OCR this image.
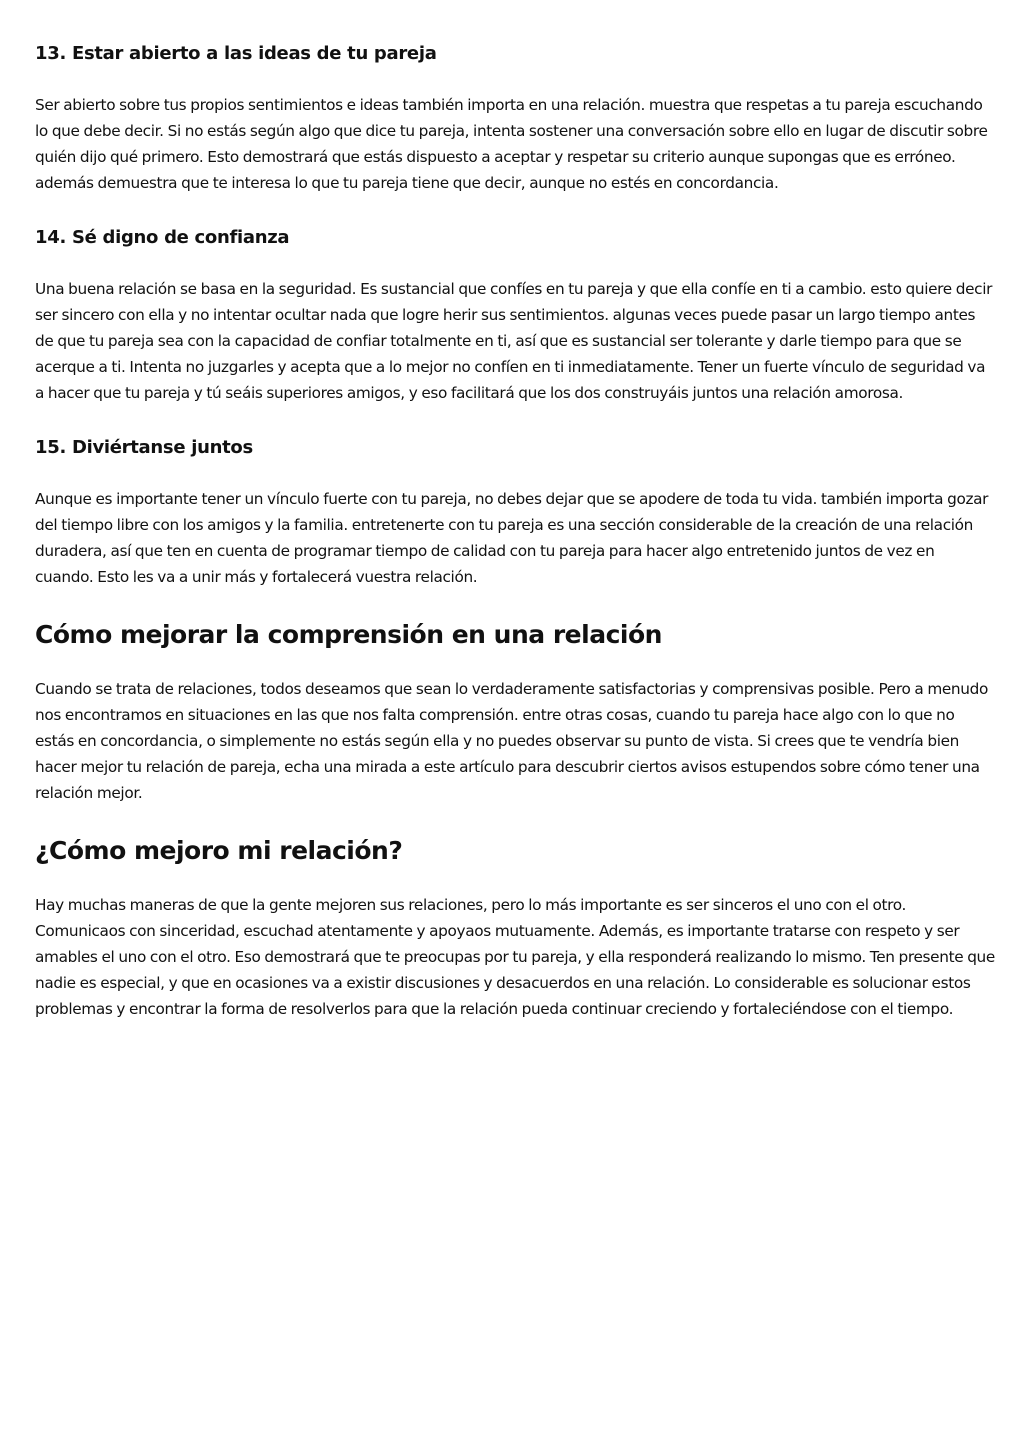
13. Estar abierto a las ideas de tu pareja

Ser abierto sobre tus propios sentimientos e ideas también importa en una relación. muestra que respetas a tu pareja escuchando lo que debe decir. Si no estás según algo que dice tu pareja, intenta sostener una conversación sobre ello en lugar de discutir sobre quién dijo qué primero. Esto demostrará que estás dispuesto a aceptar y respetar su criterio aunque supongas que es erróneo. además demuestra que te interesa lo que tu pareja tiene que decir, aunque no estés en concordancia.

14. Sé digno de confianza

Una buena relación se basa en la seguridad. Es sustancial que confíes en tu pareja y que ella confíe en ti a cambio. esto quiere decir ser sincero con ella y no intentar ocultar nada que logre herir sus sentimientos. algunas veces puede pasar un largo tiempo antes de que tu pareja sea con la capacidad de confiar totalmente en ti, así que es sustancial ser tolerante y darle tiempo para que se acerque a ti. Intenta no juzgarles y acepta que a lo mejor no confíen en ti inmediatamente. Tener un fuerte vínculo de seguridad va a hacer que tu pareja y tú seáis superiores amigos, y eso facilitará que los dos construyáis juntos una relación amorosa.

15. Diviértanse juntos

Aunque es importante tener un vínculo fuerte con tu pareja, no debes dejar que se apodere de toda tu vida. también importa gozar del tiempo libre con los amigos y la familia. entretenerte con tu pareja es una sección considerable de la creación de una relación duradera, así que ten en cuenta de programar tiempo de calidad con tu pareja para hacer algo entretenido juntos de vez en cuando. Esto les va a unir más y fortalecerá vuestra relación.

Cómo mejorar la comprensión en una relación

Cuando se trata de relaciones, todos deseamos que sean lo verdaderamente satisfactorias y comprensivas posible. Pero a menudo nos encontramos en situaciones en las que nos falta comprensión. entre otras cosas, cuando tu pareja hace algo con lo que no estás en concordancia, o simplemente no estás según ella y no puedes observar su punto de vista. Si crees que te vendría bien hacer mejor tu relación de pareja, echa una mirada a este artículo para descubrir ciertos avisos estupendos sobre cómo tener una relación mejor.

¿Cómo mejoro mi relación?

Hay muchas maneras de que la gente mejoren sus relaciones, pero lo más importante es ser sinceros el uno con el otro. Comunicaos con sinceridad, escuchad atentamente y apoyaos mutuamente. Además, es importante tratarse con respeto y ser amables el uno con el otro. Eso demostrará que te preocupas por tu pareja, y ella responderá realizando lo mismo. Ten presente que nadie es especial, y que en ocasiones va a existir discusiones y desacuerdos en una relación. Lo considerable es solucionar estos problemas y encontrar la forma de resolverlos para que la relación pueda continuar creciendo y fortaleciéndose con el tiempo.
